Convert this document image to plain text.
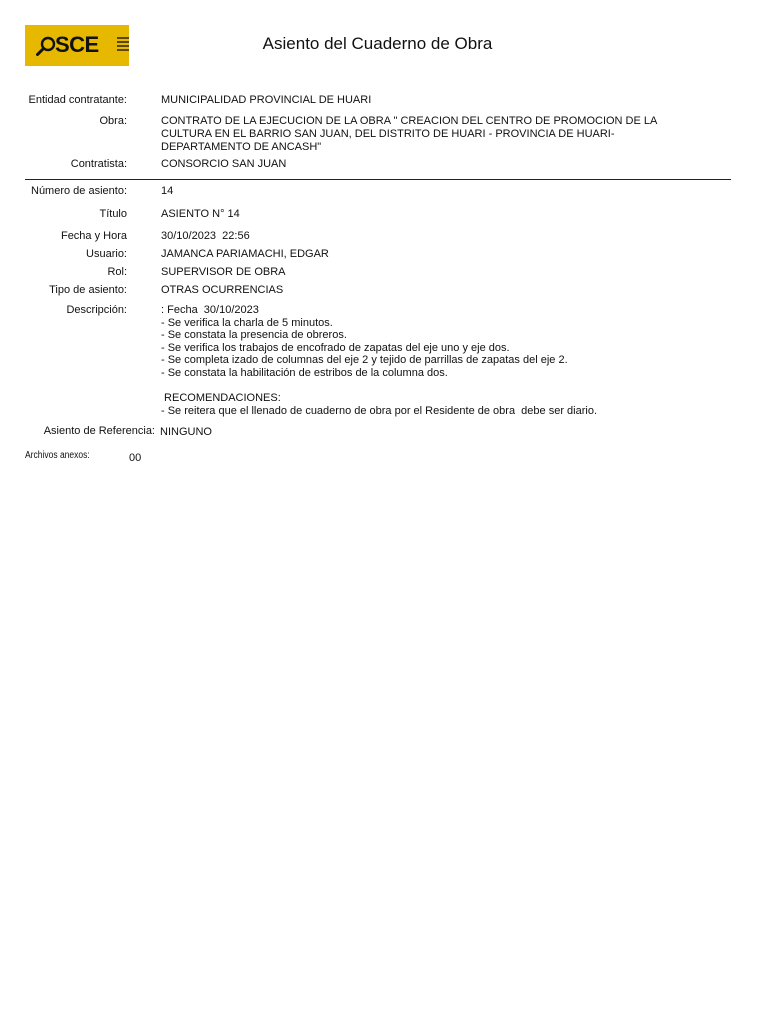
SCE	Asiento del Cuaderno de Obra
Entidad contratante:	MUNICIPALIDAD PROVINCIAL DE HUARI
Obra:	CONTRATO DE LA EJECUCION DE LA OBRA " CREACION DEL CENTRO DE PROMOCION DE LA
CULTURA EN EL BARRIO SAN JUAN, DEL DISTRITO DE HUARI - PROVINCIA DE HUARI-
DEPARTAMENTO DE ANCASH"
Contratista:	CONSORCIO SAN JUAN
Número de asiento:	14
Título	ASIENTO N° 14
Fecha y Hora	30/10/2023  22:56
Usuario:	JAMANCA PARIAMACHI, EDGAR
Rol:	SUPERVISOR DE OBRA
Tipo de asiento:	OTRAS OCURRENCIAS
Descripción:	: Fecha  30/10/2023
- Se verifica la charla de 5 minutos.
- Se constata la presencia de obreros.
- Se verifica los trabajos de encofrado de zapatas del eje uno y eje dos.
- Se completa izado de columnas del eje 2 y tejido de parrillas de zapatas del eje 2.
- Se constata la habilitación de estribos de la columna dos.

RECOMENDACIONES:
- Se reitera que el llenado de cuaderno de obra por el Residente de obra  debe ser diario.
Asiento de Referencia: NINGUNO
Archivos anexos:	00
